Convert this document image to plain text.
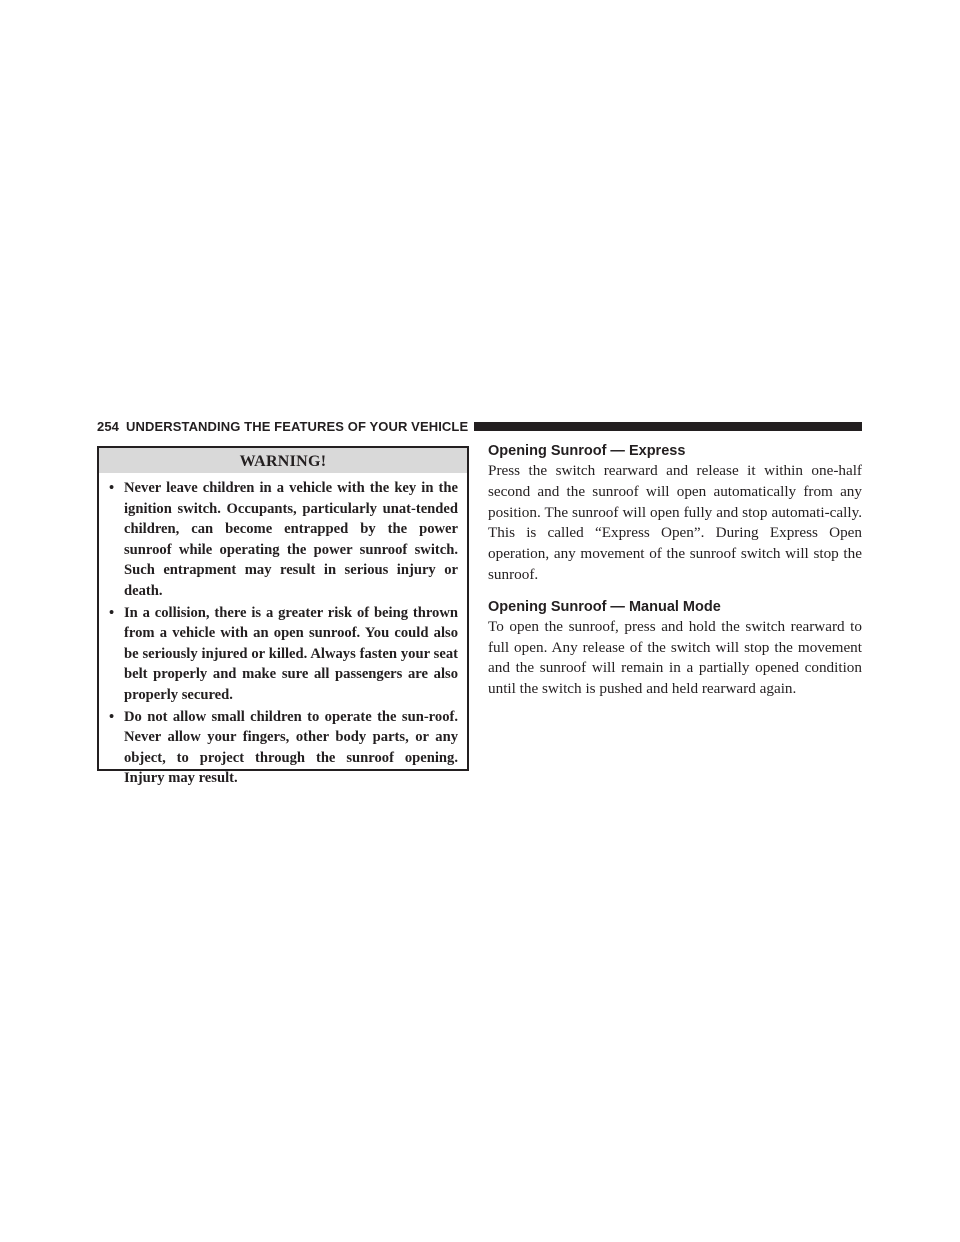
254 UNDERSTANDING THE FEATURES OF YOUR VEHICLE
WARNING!
• Never leave children in a vehicle with the key in the ignition switch. Occupants, particularly unat-tended children, can become entrapped by the power sunroof while operating the power sunroof switch. Such entrapment may result in serious injury or death.
• In a collision, there is a greater risk of being thrown from a vehicle with an open sunroof. You could also be seriously injured or killed. Always fasten your seat belt properly and make sure all passengers are also properly secured.
• Do not allow small children to operate the sun-roof. Never allow your fingers, other body parts, or any object, to project through the sunroof opening. Injury may result.
Opening Sunroof — Express

Press the switch rearward and release it within one-half second and the sunroof will open automatically from any position. The sunroof will open fully and stop automati-cally. This is called “Express Open”. During Express Open operation, any movement of the sunroof switch will stop the sunroof.

Opening Sunroof — Manual Mode

To open the sunroof, press and hold the switch rearward to full open. Any release of the switch will stop the movement and the sunroof will remain in a partially opened condition until the switch is pushed and held rearward again.
